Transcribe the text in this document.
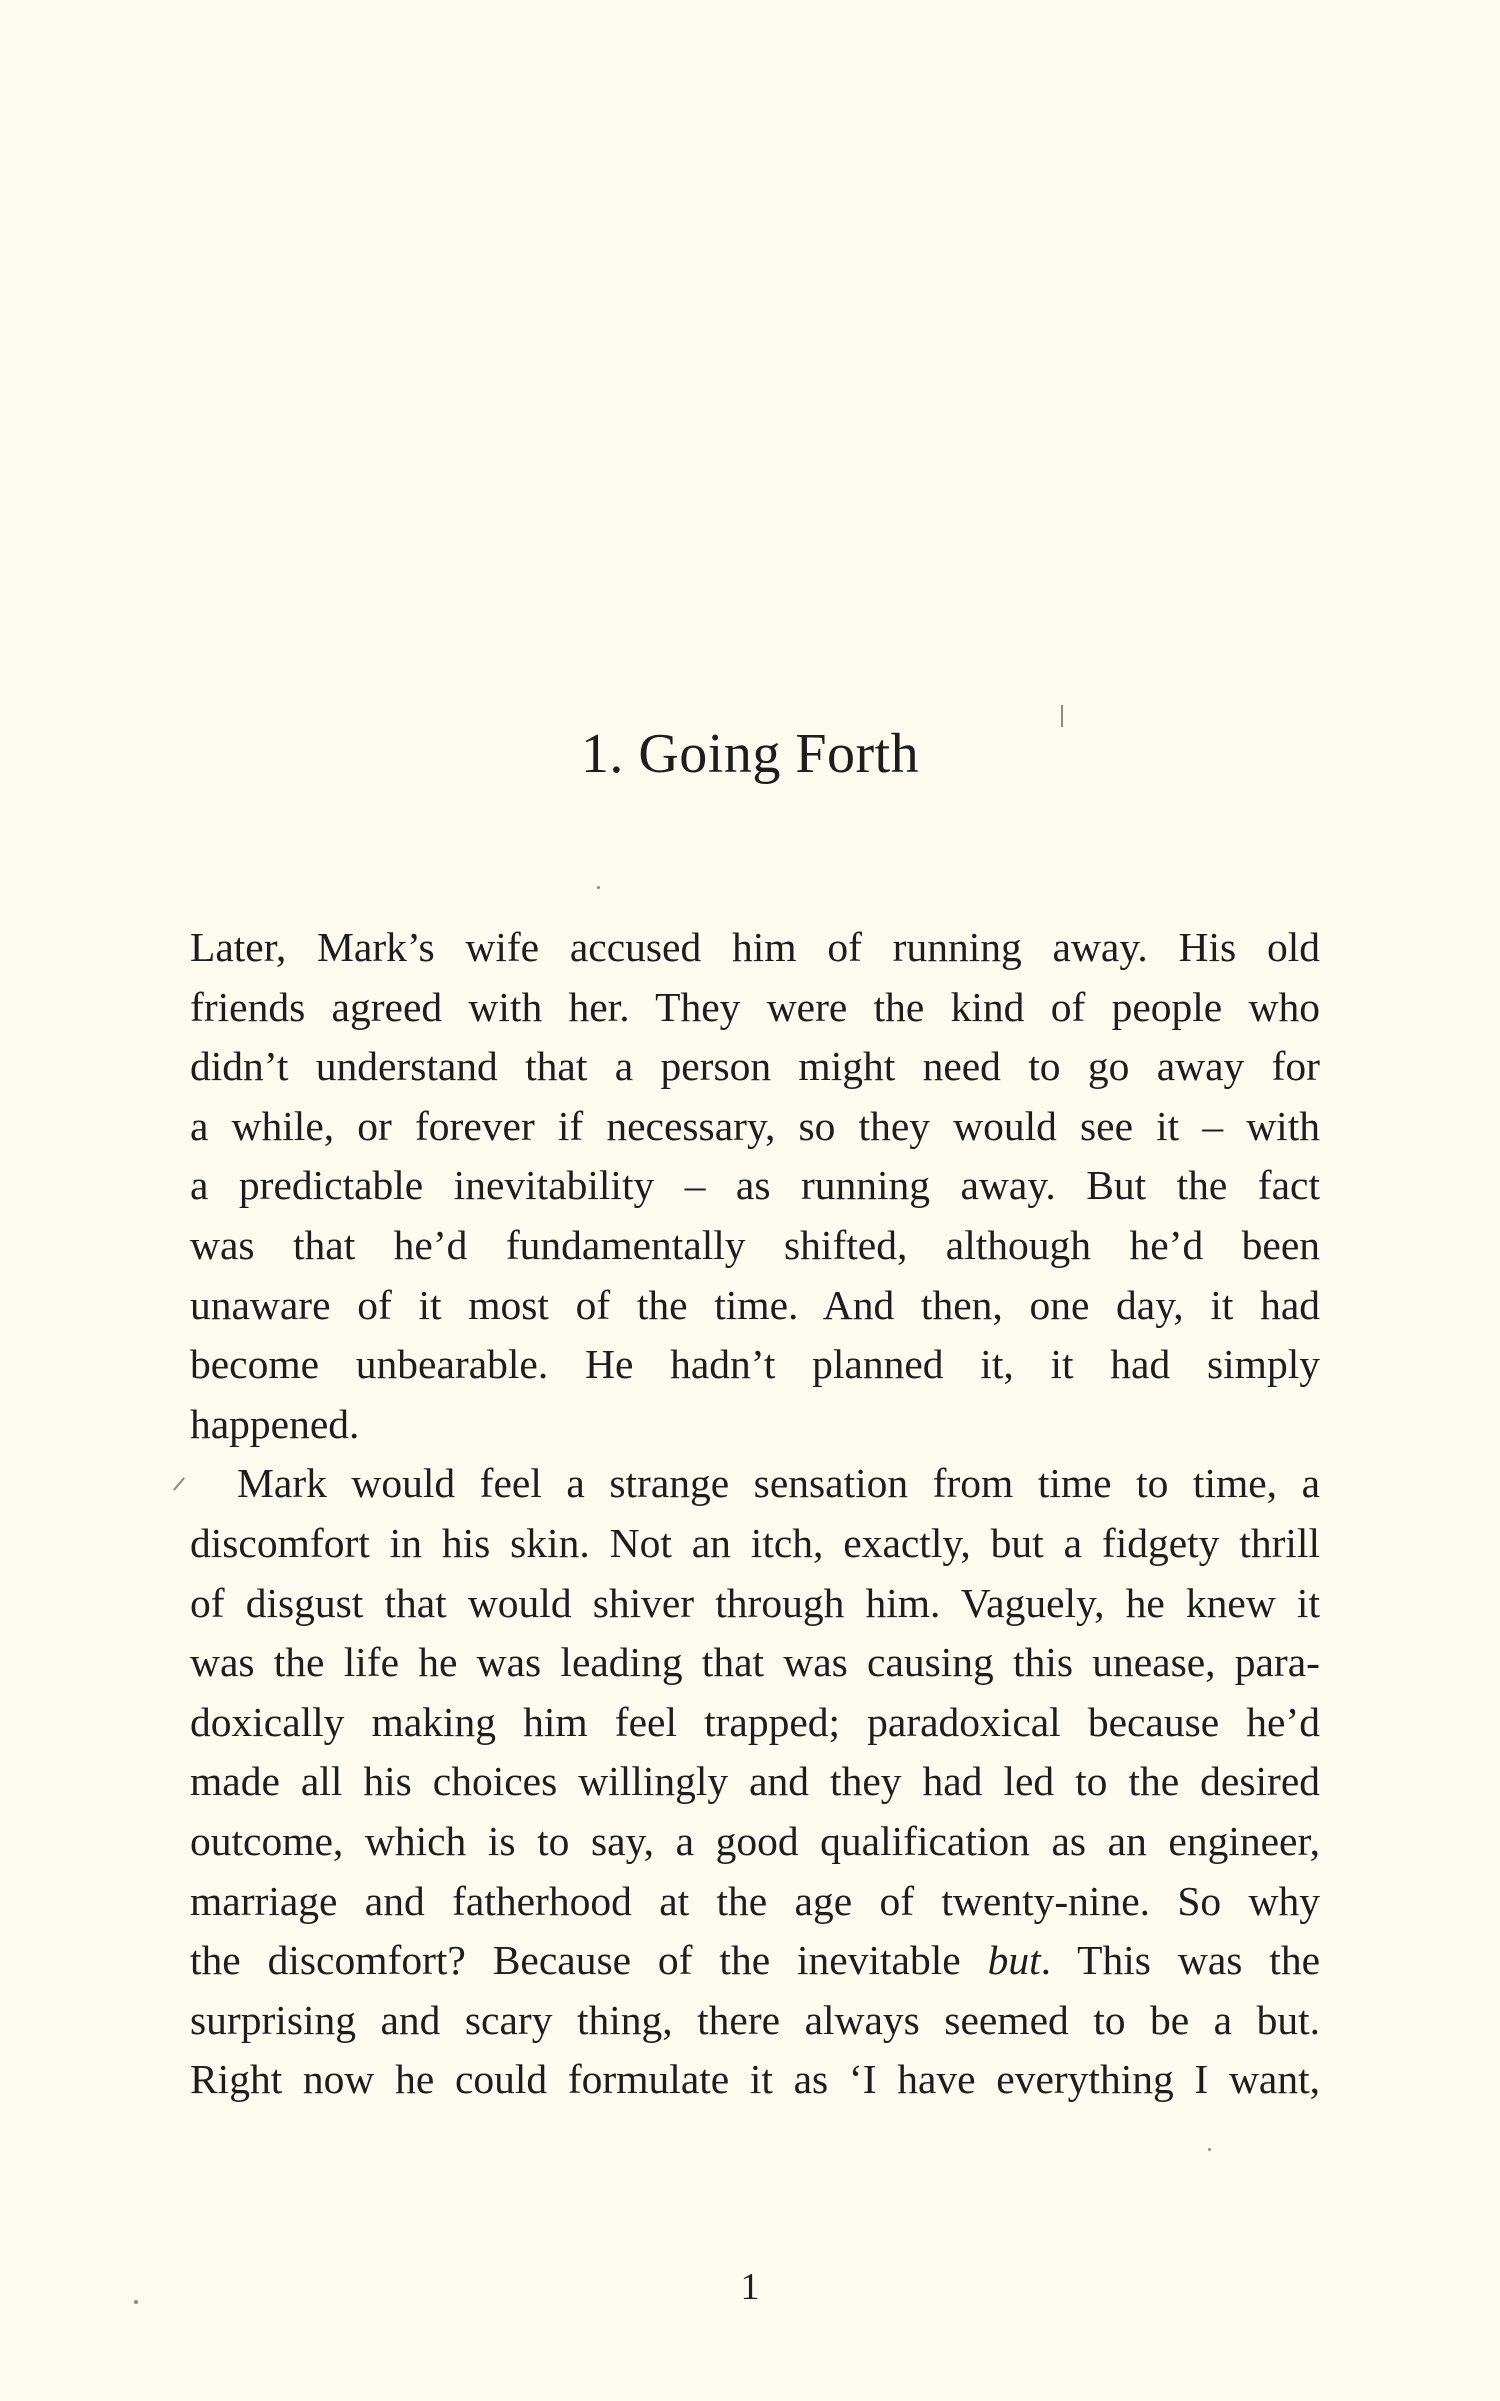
1. Going Forth
Later, Mark’s wife accused him of running away. His old
friends agreed with her. They were the kind of people who
didn’t understand that a person might need to go away for
a while, or forever if necessary, so they would see it – with
a predictable inevitability – as running away. But the fact
was that he’d fundamentally shifted, although he’d been
unaware of it most of the time. And then, one day, it had
become unbearable. He hadn’t planned it, it had simply
happened.
Mark would feel a strange sensation from time to time, a
discomfort in his skin. Not an itch, exactly, but a fidgety thrill
of disgust that would shiver through him. Vaguely, he knew it
was the life he was leading that was causing this unease, para-
doxically making him feel trapped; paradoxical because he’d
made all his choices willingly and they had led to the desired
outcome, which is to say, a good qualification as an engineer,
marriage and fatherhood at the age of twenty-nine. So why
the discomfort? Because of the inevitable but. This was the
surprising and scary thing, there always seemed to be a but.
Right now he could formulate it as ‘I have everything I want,
1
